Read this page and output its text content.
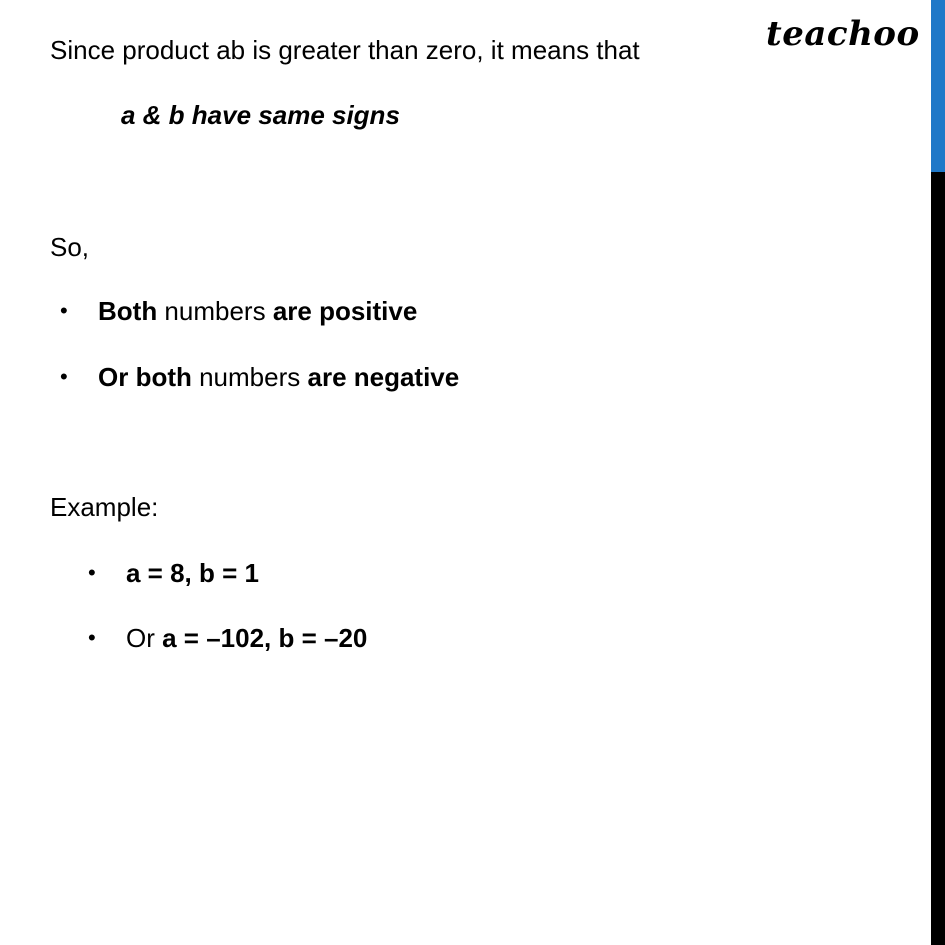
teachoo
Since product ab is greater than zero, it means that
a & b have same signs
So,
• Both numbers are positive
• Or both numbers are negative
Example:
• a = 8, b = 1
• Or a = –102, b = –20
